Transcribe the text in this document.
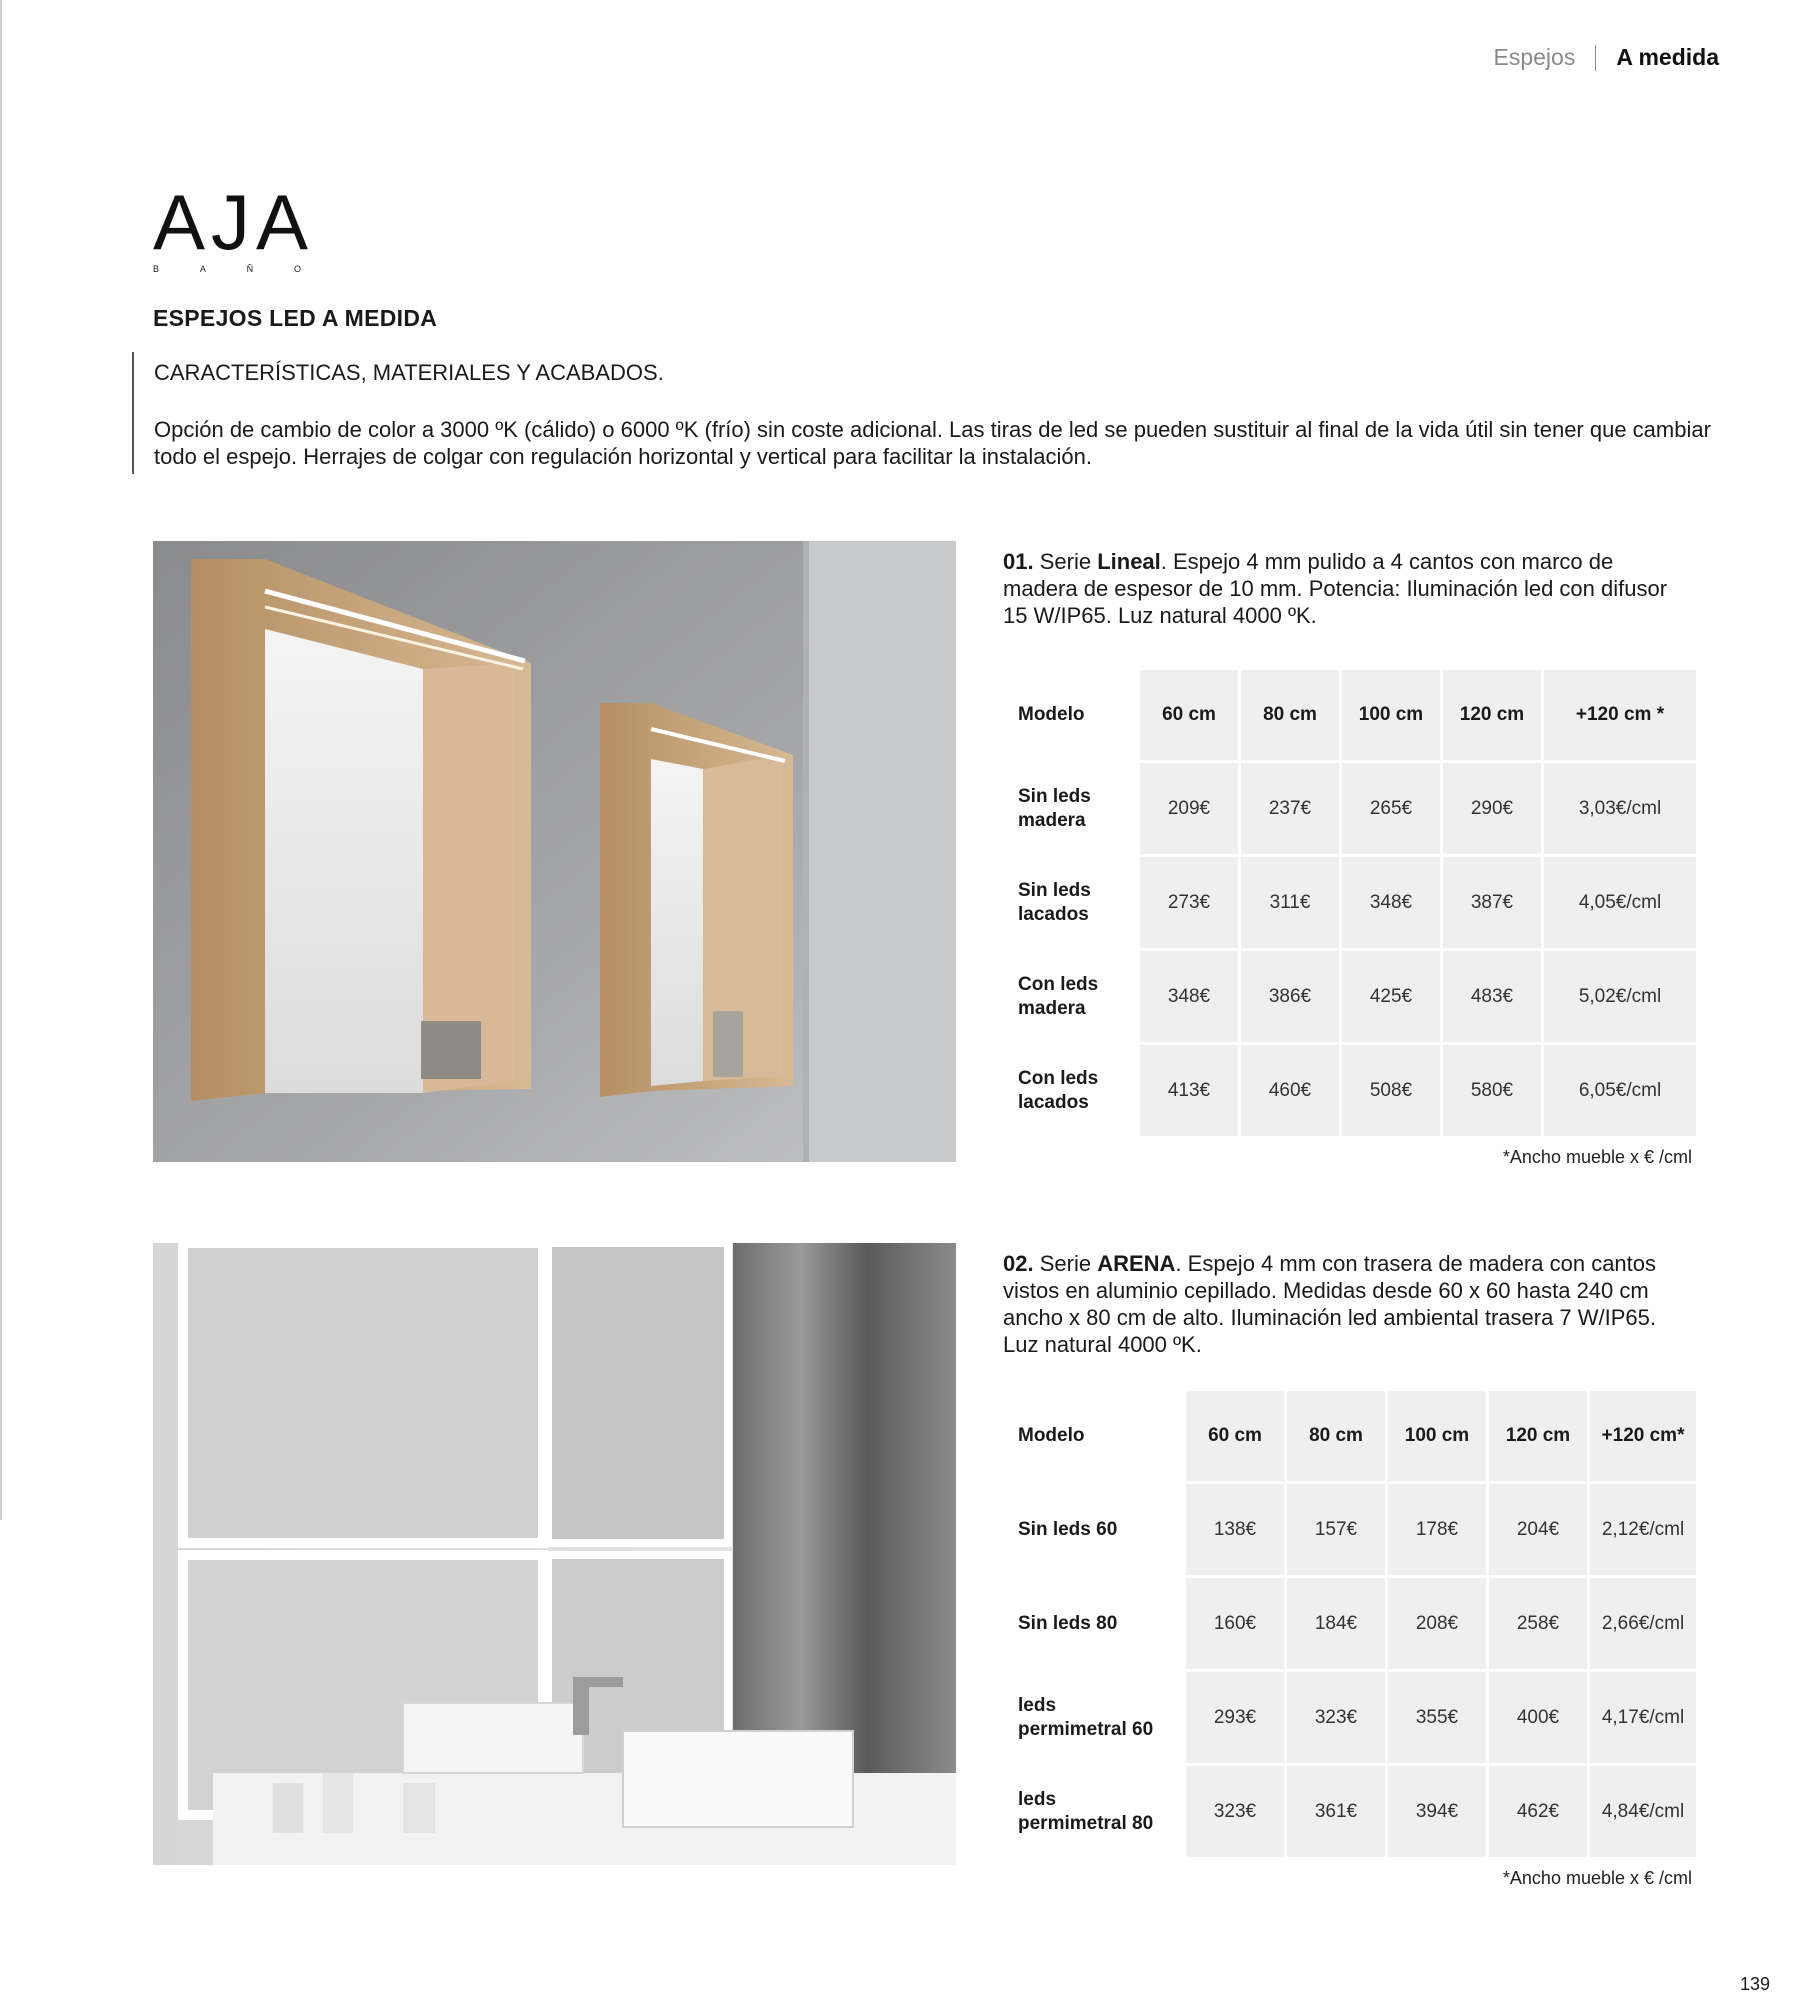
Espejos A medida
AJA
B	A	Ñ	O
ESPEJOS LED A MEDIDA
CARACTERÍSTICAS, MATERIALES Y ACABADOS.
Opción de cambio de color a 3000 ºK (cálido) o 6000 ºK (frío) sin coste adicional. Las tiras de led se pueden sustituir al final de la vida útil sin tener que cambiar todo el espejo. Herrajes de colgar con regulación horizontal y vertical para facilitar la instalación.
01. Serie Lineal. Espejo 4 mm pulido a 4 cantos con marco de madera de espesor de 10 mm. Potencia: Iluminación led con difusor 15 W/IP65. Luz natural 4000 ºK.
Modelo	60 cm	80 cm	100 cm	120 cm	+120 cm *
Sin leds
madera	209€	237€	265€	290€	3,03€/cml
Sin leds
lacados	273€	311€	348€	387€	4,05€/cml
Con leds
madera	348€	386€	425€	483€	5,02€/cml
Con leds
lacados	413€	460€	508€	580€	6,05€/cml
*Ancho mueble x € /cml
02. Serie ARENA. Espejo 4 mm con trasera de madera con cantos vistos en aluminio cepillado. Medidas desde 60 x 60 hasta 240 cm ancho x 80 cm de alto. Iluminación led ambiental trasera 7 W/IP65. Luz natural 4000 ºK.
Modelo	60 cm	80 cm	100 cm	120 cm	+120 cm*
Sin leds 60	138€	157€	178€	204€	2,12€/cml
Sin leds 80	160€	184€	208€	258€	2,66€/cml
leds
permimetral 60	293€	323€	355€	400€	4,17€/cml
leds
permimetral 80	323€	361€	394€	462€	4,84€/cml
*Ancho mueble x € /cml
139
